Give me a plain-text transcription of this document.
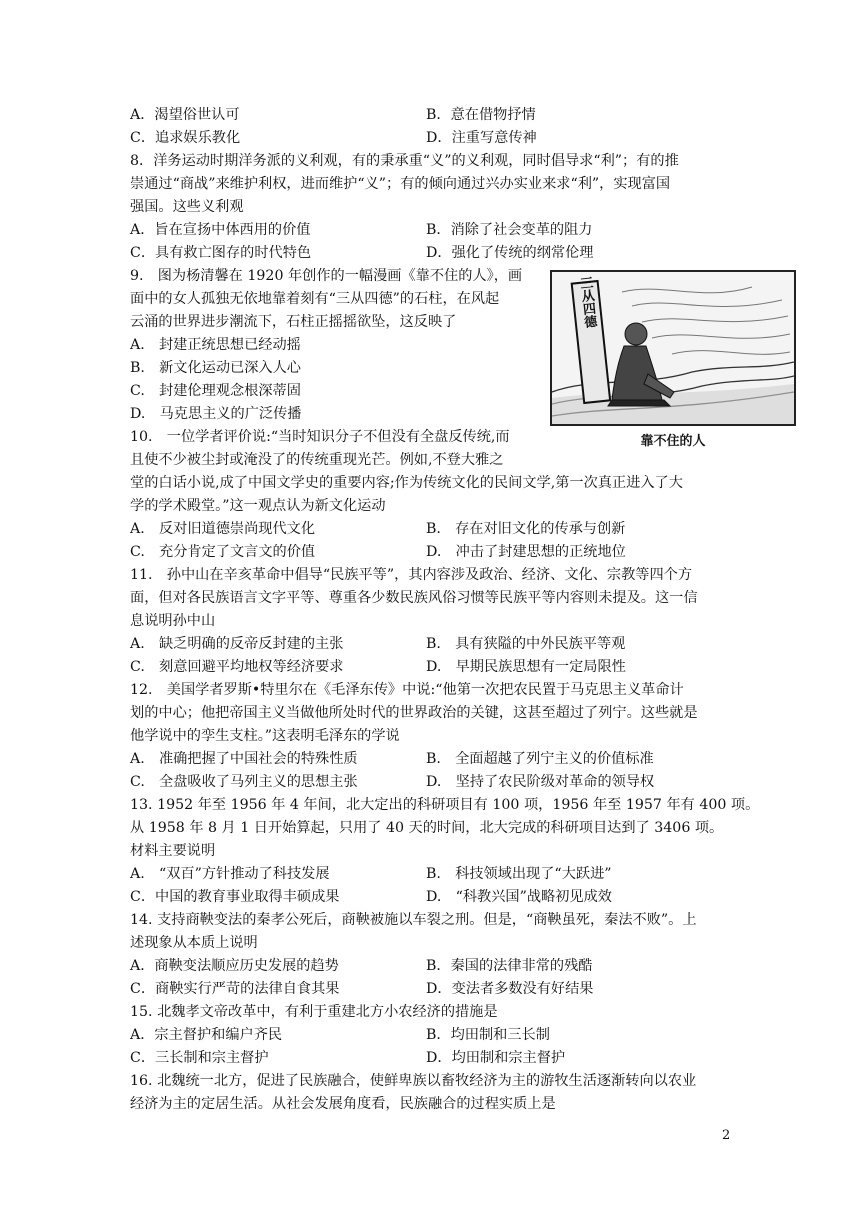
A．渴望俗世认可	B．意在借物抒情
C．追求娱乐教化	D．注重写意传神
8．洋务运动时期洋务派的义利观，有的秉承重“义”的义利观，同时倡导求“利”；有的推
崇通过“商战”来维护利权，进而维护“义”；有的倾向通过兴办实业来求“利”，实现富国
强国。这些义利观
A．旨在宣扬中体西用的价值	B．消除了社会变革的阻力
C．具有救亡图存的时代特色	D．强化了传统的纲常伦理
9.　图为杨清馨在 1920 年创作的一幅漫画《靠不住的人》，画
面中的女人孤独无依地靠着刻有“三从四德”的石柱，在风起
云涌的世界进步潮流下，石柱正摇摇欲坠，这反映了
A.　封建正统思想已经动摇
B.　新文化运动已深入人心
C.　封建伦理观念根深蒂固
D.　马克思主义的广泛传播
三从四德
靠不住的人
10.　一位学者评价说:“当时知识分子不但没有全盘反传统,而
且使不少被尘封或淹没了的传统重现光芒。例如,不登大雅之
堂的白话小说,成了中国文学史的重要内容;作为传统文化的民间文学,第一次真正进入了大
学的学术殿堂。”这一观点认为新文化运动
A.　反对旧道德崇尚现代文化	B.　存在对旧文化的传承与创新
C.　充分肯定了文言文的价值	D.　冲击了封建思想的正统地位
11.　孙中山在辛亥革命中倡导“民族平等”，其内容涉及政治、经济、文化、宗教等四个方
面，但对各民族语言文字平等、尊重各少数民族风俗习惯等民族平等内容则未提及。这一信
息说明孙中山
A.　缺乏明确的反帝反封建的主张	B.　具有狭隘的中外民族平等观
C.　刻意回避平均地权等经济要求	D.　早期民族思想有一定局限性
12.　美国学者罗斯•特里尔在《毛泽东传》中说:“他第一次把农民置于马克思主义革命计
划的中心；他把帝国主义当做他所处时代的世界政治的关键，这甚至超过了列宁。这些就是
他学说中的孪生支柱。”这表明毛泽东的学说
A.　准确把握了中国社会的特殊性质	B.　全面超越了列宁主义的价值标准
C.　全盘吸收了马列主义的思想主张	D.　坚持了农民阶级对革命的领导权
13. 1952 年至 1956 年 4 年间，北大定出的科研项目有 100 项，1956 年至 1957 年有 400 项。
从 1958 年 8 月 1 日开始算起，只用了 40 天的时间，北大完成的科研项目达到了 3406 项。
材料主要说明
A.　“双百”方针推动了科技发展	B.　科技领域出现了“大跃进”
C．中国的教育事业取得丰硕成果	D.　“科教兴国”战略初见成效
14. 支持商鞅变法的秦孝公死后，商鞅被施以车裂之刑。但是，“商鞅虽死，秦法不败”。上
述现象从本质上说明
A．商鞅变法顺应历史发展的趋势	B．秦国的法律非常的残酷
C．商鞅实行严苛的法律自食其果	D．变法者多数没有好结果
15. 北魏孝文帝改革中，有利于重建北方小农经济的措施是
A．宗主督护和编户齐民	B．均田制和三长制
C．三长制和宗主督护	D．均田制和宗主督护
16. 北魏统一北方，促进了民族融合，使鲜卑族以畜牧经济为主的游牧生活逐渐转向以农业
经济为主的定居生活。从社会发展角度看，民族融合的过程实质上是
2
